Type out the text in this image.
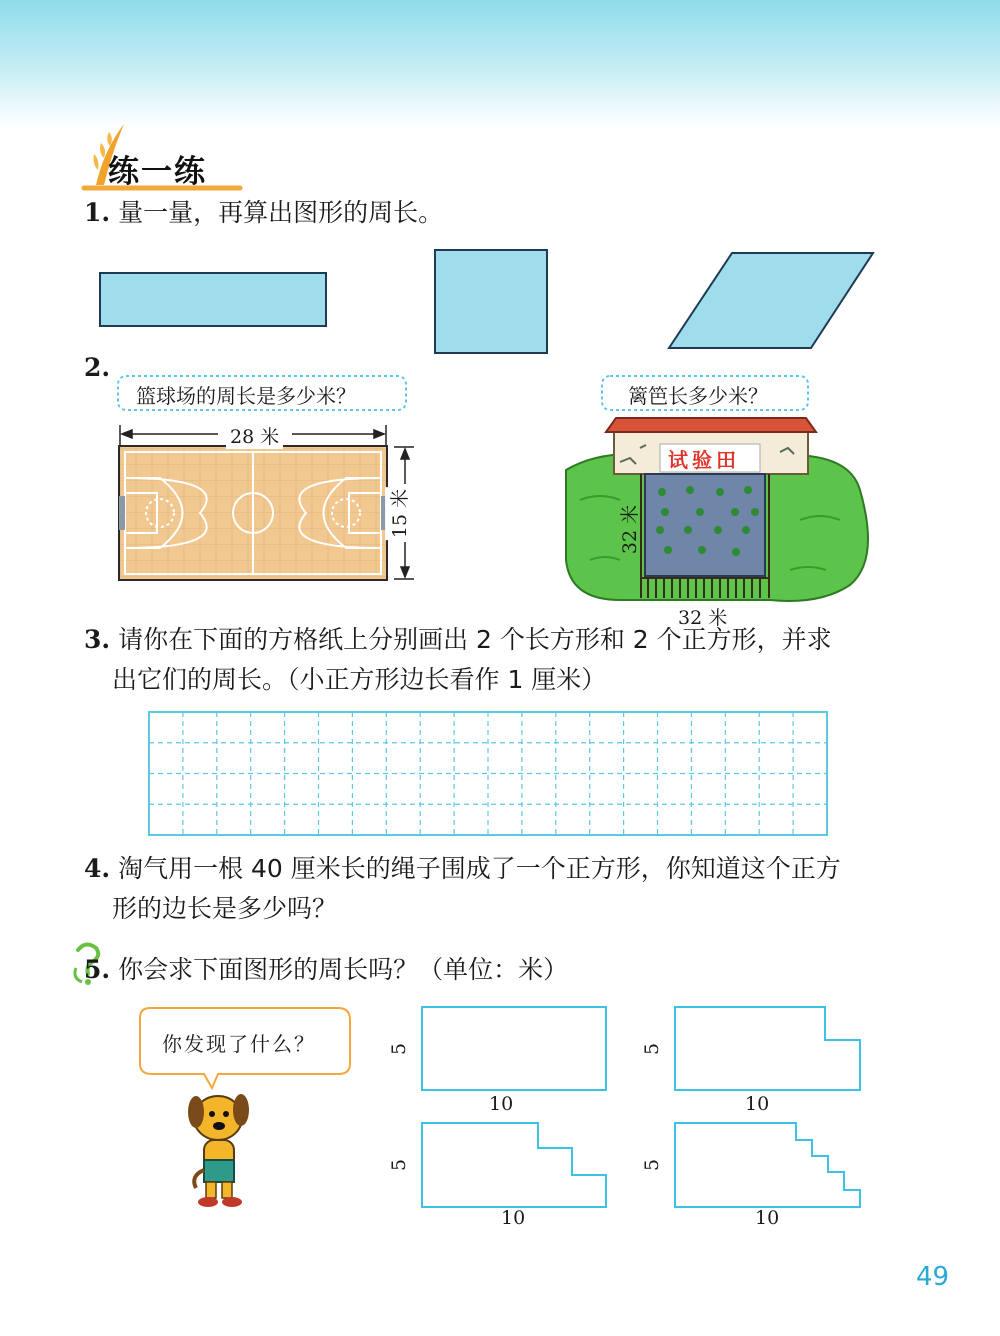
练一练
1. 量一量，再算出图形的周长。
2.
篮球场的周长是多少米？	篱笆长多少米？
28 米
15 米
试验田
32 米
32 米
3. 请你在下面的方格纸上分别画出 2 个长方形和 2 个正方形，并求
出它们的周长。（小正方形边长看作 1 厘米）
4. 淘气用一根 40 厘米长的绳子围成了一个正方形，你知道这个正方
形的边长是多少吗？
5. 你会求下面图形的周长吗？（单位：米）
你发现了什么？	5
10
5
10
5
10
5
10
49
